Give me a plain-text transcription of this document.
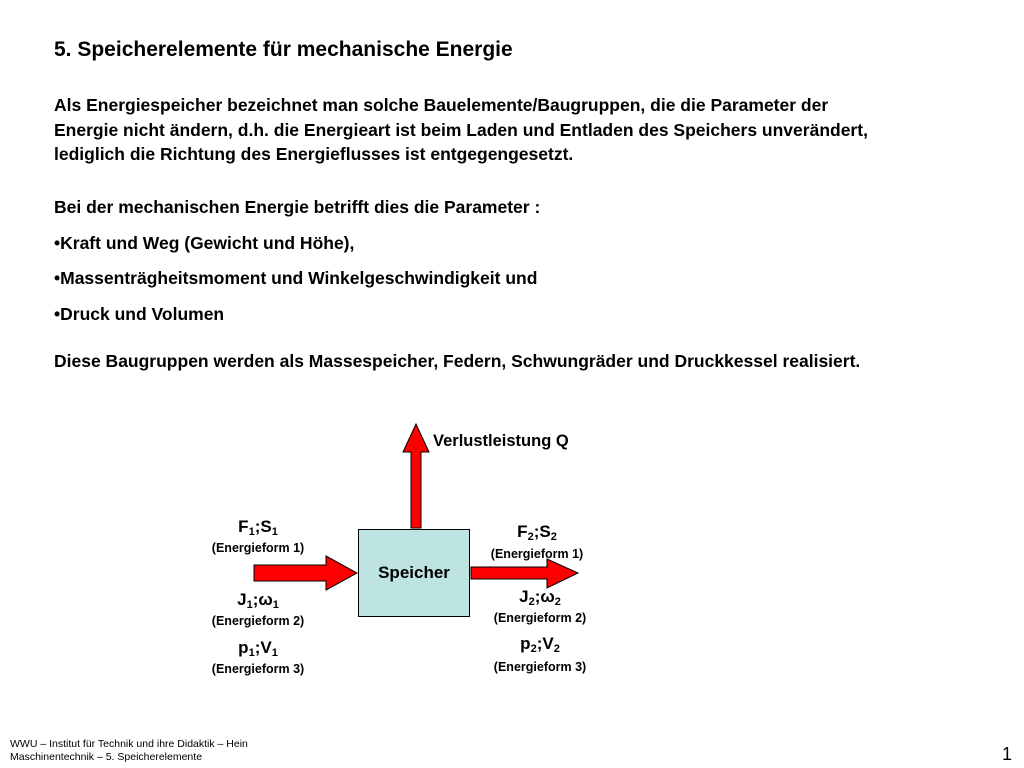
5. Speicherelemente für mechanische Energie
Als Energiespeicher bezeichnet man solche Bauelemente/Baugruppen, die die Parameter der
Energie nicht ändern, d.h. die Energieart ist beim Laden und Entladen des Speichers unverändert,
lediglich die Richtung des Energieflusses ist entgegengesetzt.
Bei der mechanischen Energie betrifft dies die Parameter :
•Kraft und Weg (Gewicht und Höhe),
•Massenträgheitsmoment und Winkelgeschwindigkeit und
•Druck und Volumen
Diese Baugruppen werden als Massespeicher, Federn, Schwungräder und Druckkessel realisiert.
Speicher
Verlustleistung Q
$F_1;S_1$
(Energieform 1)
$J_1;\omega_1$
(Energieform 2)
$p_1;V_1$
(Energieform 3)
$F_2;S_2$
(Energieform 1)
$J_2;\omega_2$
(Energieform 2)
$p_2;V_2$
(Energieform 3)
WWU – Institut für Technik und ihre Didaktik – Hein
Maschinentechnik – 5. Speicherelemente	1
